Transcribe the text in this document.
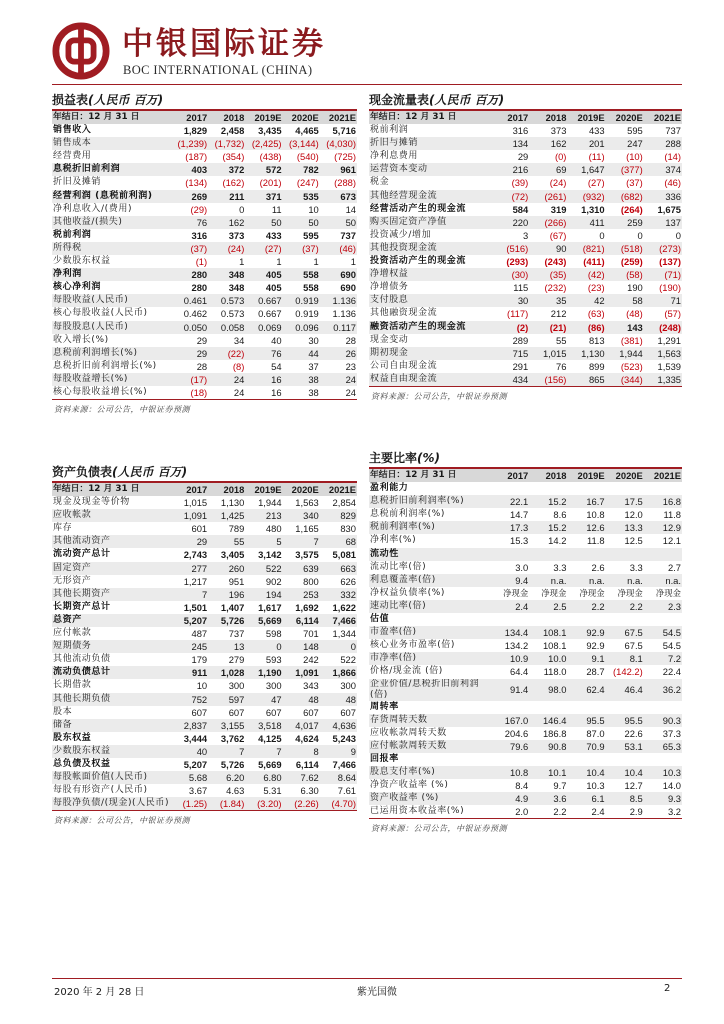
中银国际证券
BOC INTERNATIONAL (CHINA)
损益表(人民币 百万)
年结日：12 月 31 日	2017	2018	2019E	2020E	2021E
销售收入	1,829	2,458	3,435	4,465	5,716
销售成本	(1,239)	(1,732)	(2,425)	(3,144)	(4,030)
经营费用	(187)	(354)	(438)	(540)	(725)
息税折旧前利润	403	372	572	782	961
折旧及摊销	(134)	(162)	(201)	(247)	(288)
经营利润 (息税前利润)	269	211	371	535	673
净利息收入/(费用)	(29)	0	11	10	14
其他收益/(损失)	76	162	50	50	50
税前利润	316	373	433	595	737
所得税	(37)	(24)	(27)	(37)	(46)
少数股东权益	(1)	1	1	1	1
净利润	280	348	405	558	690
核心净利润	280	348	405	558	690
每股收益(人民币)	0.461	0.573	0.667	0.919	1.136
核心每股收益(人民币)	0.462	0.573	0.667	0.919	1.136
每股股息(人民币)	0.050	0.058	0.069	0.096	0.117
收入增长(%)	29	34	40	30	28
息税前利润增长(%)	29	(22)	76	44	26
息税折旧前利润增长(%)	28	(8)	54	37	23
每股收益增长(%)	(17)	24	16	38	24
核心每股收益增长(%)	(18)	24	16	38	24
资料来源：公司公告，中银证券预测
现金流量表(人民币 百万)
年结日：12 月 31 日	2017	2018	2019E	2020E	2021E
税前利润	316	373	433	595	737
折旧与摊销	134	162	201	247	288
净利息费用	29	(0)	(11)	(10)	(14)
运营资本变动	216	69	1,647	(377)	374
税金	(39)	(24)	(27)	(37)	(46)
其他经营现金流	(72)	(261)	(932)	(682)	336
经营活动产生的现金流	584	319	1,310	(264)	1,675
购买固定资产净值	220	(266)	411	259	137
投资减少/增加	3	(67)	0	0	0
其他投资现金流	(516)	90	(821)	(518)	(273)
投资活动产生的现金流	(293)	(243)	(411)	(259)	(137)
净增权益	(30)	(35)	(42)	(58)	(71)
净增债务	115	(232)	(23)	190	(190)
支付股息	30	35	42	58	71
其他融资现金流	(117)	212	(63)	(48)	(57)
融资活动产生的现金流	(2)	(21)	(86)	143	(248)
现金变动	289	55	813	(381)	1,291
期初现金	715	1,015	1,130	1,944	1,563
公司自由现金流	291	76	899	(523)	1,539
权益自由现金流	434	(156)	865	(344)	1,335
资料来源：公司公告，中银证券预测
资产负债表(人民币 百万)
年结日：12 月 31 日	2017	2018	2019E	2020E	2021E
现金及现金等价物	1,015	1,130	1,944	1,563	2,854
应收帐款	1,091	1,425	213	340	829
库存	601	789	480	1,165	830
其他流动资产	29	55	5	7	68
流动资产总计	2,743	3,405	3,142	3,575	5,081
固定资产	277	260	522	639	663
无形资产	1,217	951	902	800	626
其他长期资产	7	196	194	253	332
长期资产总计	1,501	1,407	1,617	1,692	1,622
总资产	5,207	5,726	5,669	6,114	7,466
应付帐款	487	737	598	701	1,344
短期债务	245	13	0	148	0
其他流动负债	179	279	593	242	522
流动负债总计	911	1,028	1,190	1,091	1,866
长期借款	10	300	300	343	300
其他长期负债	752	597	47	48	48
股本	607	607	607	607	607
储备	2,837	3,155	3,518	4,017	4,636
股东权益	3,444	3,762	4,125	4,624	5,243
少数股东权益	40	7	7	8	9
总负债及权益	5,207	5,726	5,669	6,114	7,466
每股帐面价值(人民币)	5.68	6.20	6.80	7.62	8.64
每股有形资产(人民币)	3.67	4.63	5.31	6.30	7.61
每股净负债/(现金)(人民币)	(1.25)	(1.84)	(3.20)	(2.26)	(4.70)
资料来源：公司公告，中银证券预测
主要比率(%)
年结日：12 月 31 日	2017	2018	2019E	2020E	2021E
盈利能力					
息税折旧前利润率(%)	22.1	15.2	16.7	17.5	16.8
息税前利润率(%)	14.7	8.6	10.8	12.0	11.8
税前利润率(%)	17.3	15.2	12.6	13.3	12.9
净利率(%)	15.3	14.2	11.8	12.5	12.1
流动性					
流动比率(倍)	3.0	3.3	2.6	3.3	2.7
利息覆盖率(倍)	9.4	n.a.	n.a.	n.a.	n.a.
净权益负债率(%)	净现金	净现金	净现金	净现金	净现金
速动比率(倍)	2.4	2.5	2.2	2.2	2.3
估值					
市盈率(倍)	134.4	108.1	92.9	67.5	54.5
核心业务市盈率(倍)	134.2	108.1	92.9	67.5	54.5
市净率(倍)	10.9	10.0	9.1	8.1	7.2
价格/现金流 (倍)	64.4	118.0	28.7	(142.2)	22.4
企业价值/息税折旧前利润(倍)	91.4	98.0	62.4	46.4	36.2
周转率					
存货周转天数	167.0	146.4	95.5	95.5	90.3
应收帐款周转天数	204.6	186.8	87.0	22.6	37.3
应付帐款周转天数	79.6	90.8	70.9	53.1	65.3
回报率					
股息支付率(%)	10.8	10.1	10.4	10.4	10.3
净资产收益率 (%)	8.4	9.7	10.3	12.7	14.0
资产收益率 (%)	4.9	3.6	6.1	8.5	9.3
已运用资本收益率(%)	2.0	2.2	2.4	2.9	3.2
资料来源：公司公告，中银证券预测
2020 年 2 月 28 日	紫光国微	2
